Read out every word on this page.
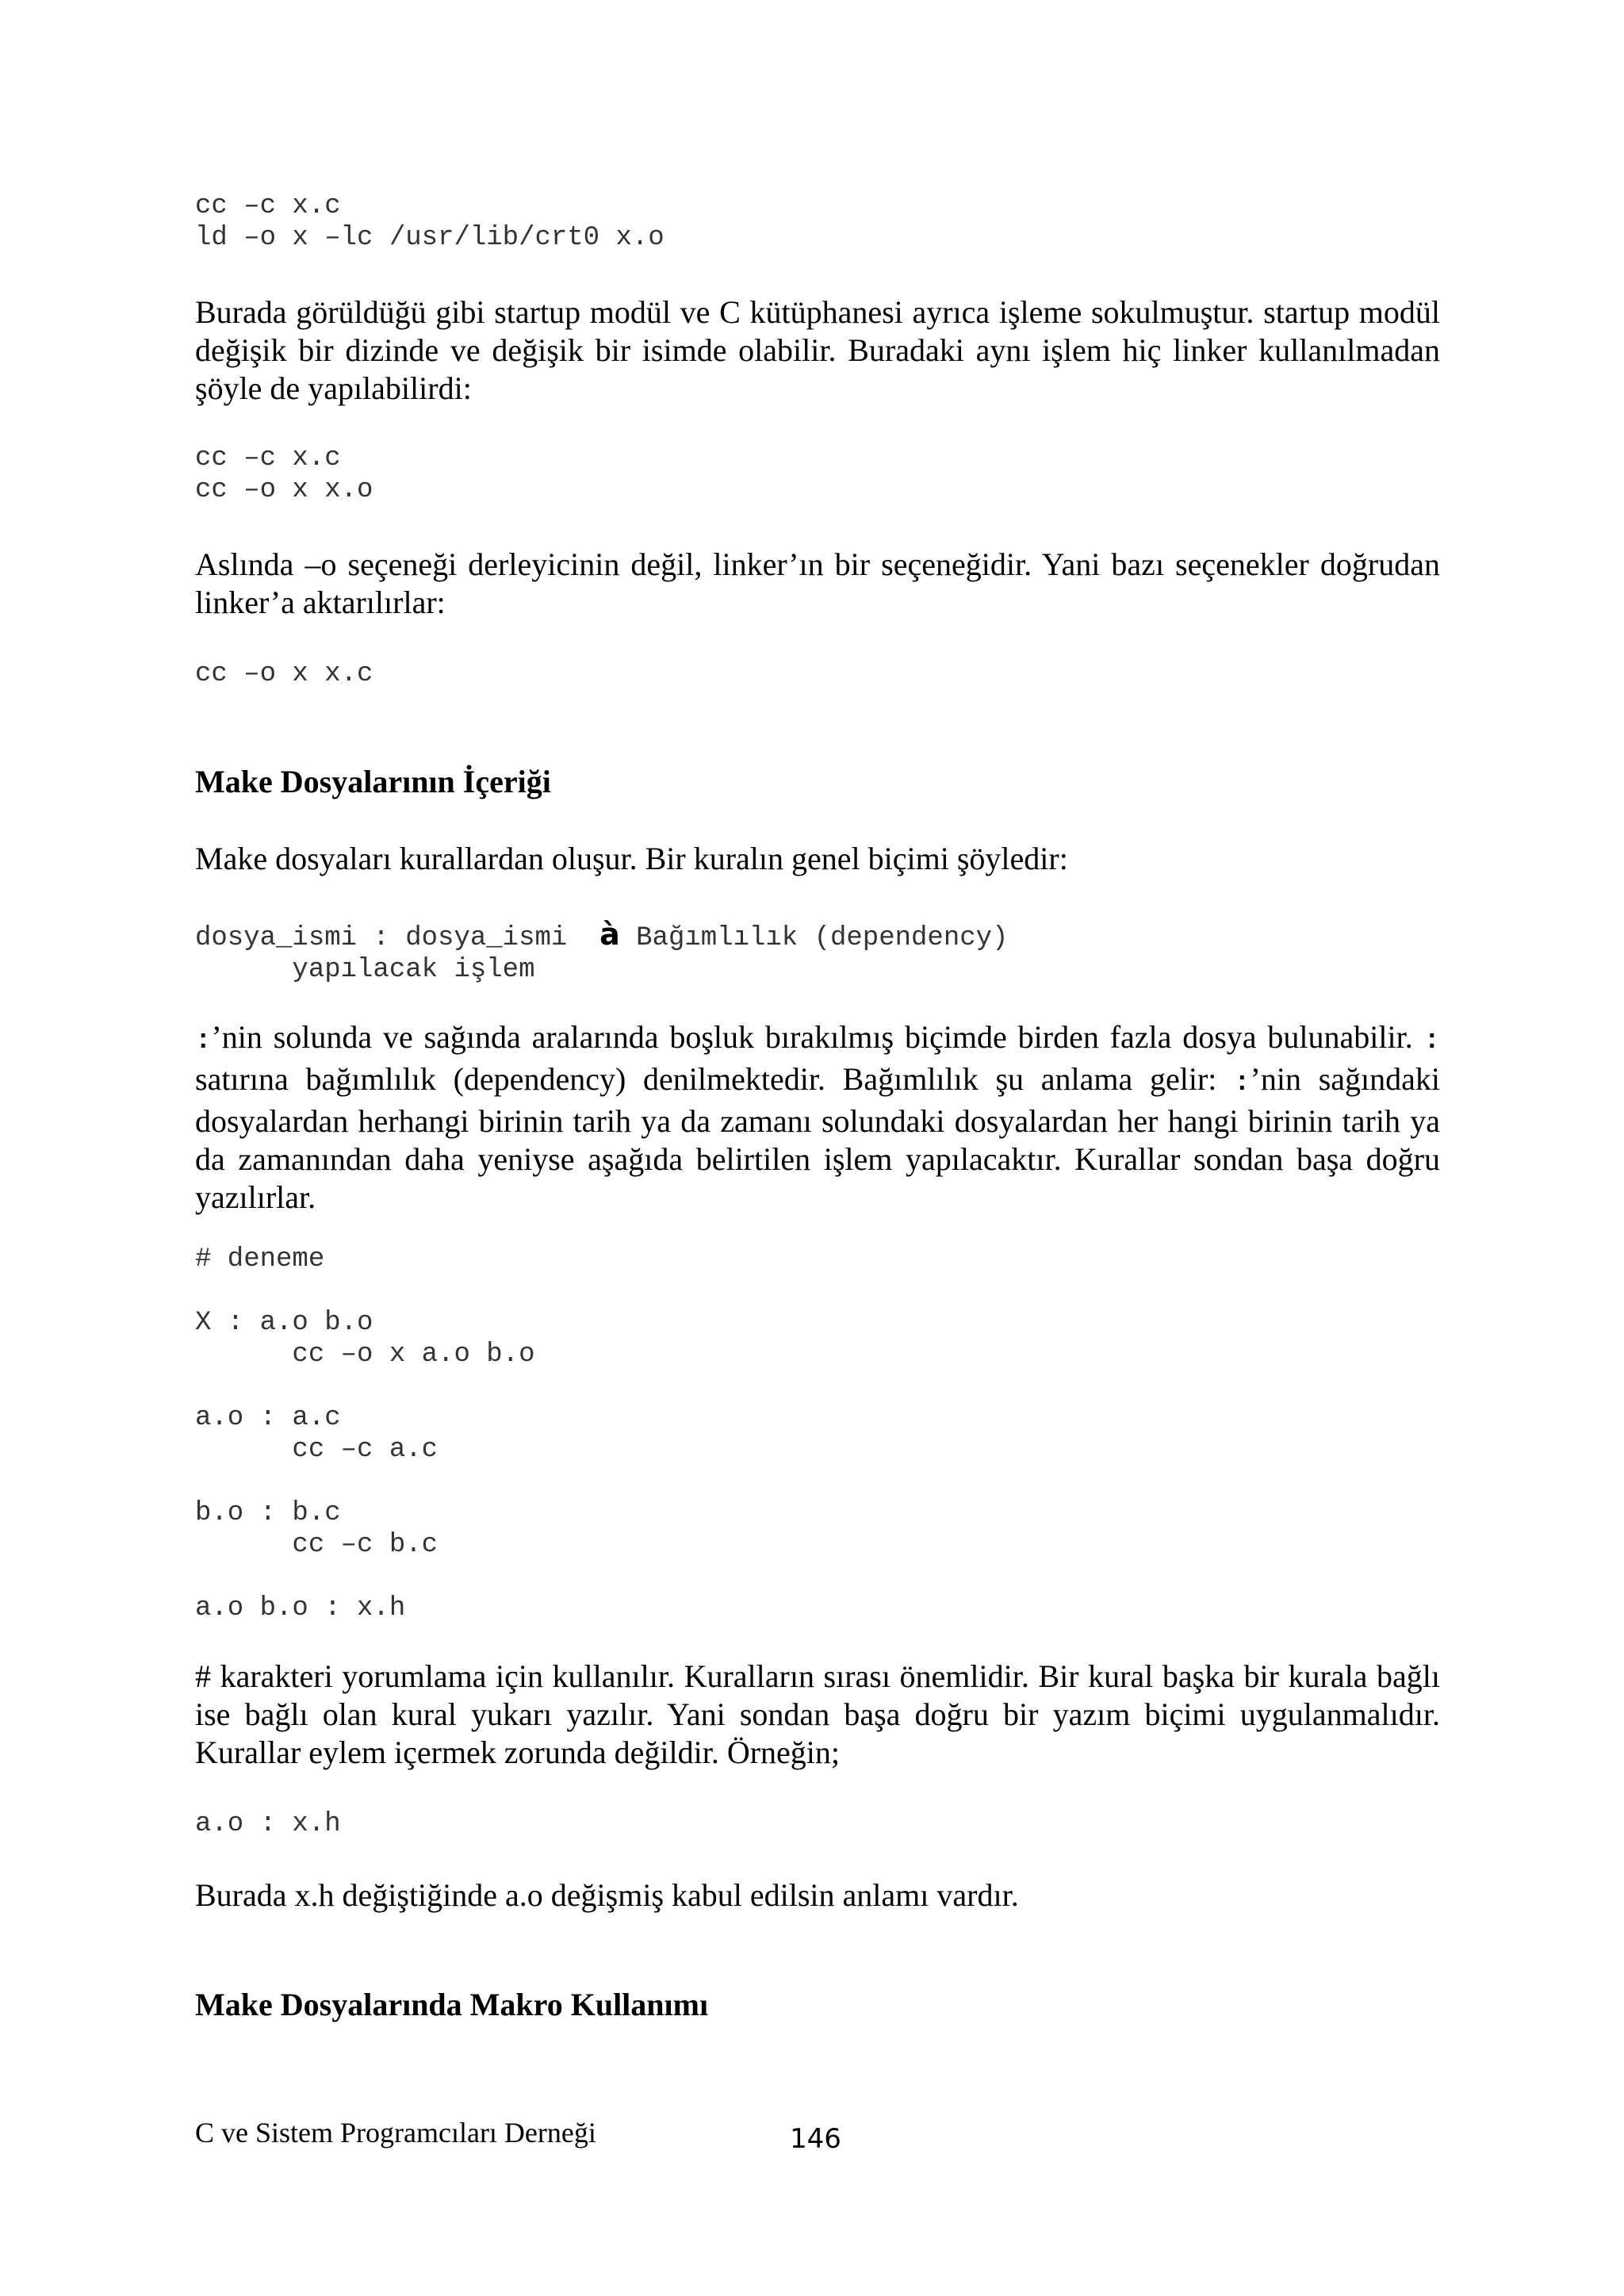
cc –c x.c
ld –o x –lc /usr/lib/crt0 x.o

Burada görüldüğü gibi startup modül ve C kütüphanesi ayrıca işleme sokulmuştur. startup modül değişik bir dizinde ve değişik bir isimde olabilir. Buradaki aynı işlem hiç linker kullanılmadan şöyle de yapılabilirdi:

cc –c x.c
cc –o x x.o

Aslında –o seçeneği derleyicinin değil, linker’ın bir seçeneğidir. Yani bazı seçenekler doğrudan linker’a aktarılırlar:

cc –o x x.c
Make Dosyalarının İçeriği

Make dosyaları kurallardan oluşur. Bir kuralın genel biçimi şöyledir:

dosya_ismi : dosya_ismi à Bağımlılık (dependency)
yapılacak işlem

:’nin solunda ve sağında aralarında boşluk bırakılmış biçimde birden fazla dosya bulunabilir. : satırına bağımlılık (dependency) denilmektedir. Bağımlılık şu anlama gelir: :’nin sağındaki dosyalardan herhangi birinin tarih ya da zamanı solundaki dosyalardan her hangi birinin tarih ya da zamanından daha yeniyse aşağıda belirtilen işlem yapılacaktır. Kurallar sondan başa doğru yazılırlar.

# deneme

X : a.o b.o
cc –o x a.o b.o

a.o : a.c
cc –c a.c

b.o : b.c
cc –c b.c

a.o b.o : x.h

# karakteri yorumlama için kullanılır. Kuralların sırası önemlidir. Bir kural başka bir kurala bağlı ise bağlı olan kural yukarı yazılır. Yani sondan başa doğru bir yazım biçimi uygulanmalıdır. Kurallar eylem içermek zorunda değildir. Örneğin;

a.o : x.h

Burada x.h değiştiğinde a.o değişmiş kabul edilsin anlamı vardır.

Make Dosyalarında Makro Kullanımı
C ve Sistem Programcıları Derneği	146
